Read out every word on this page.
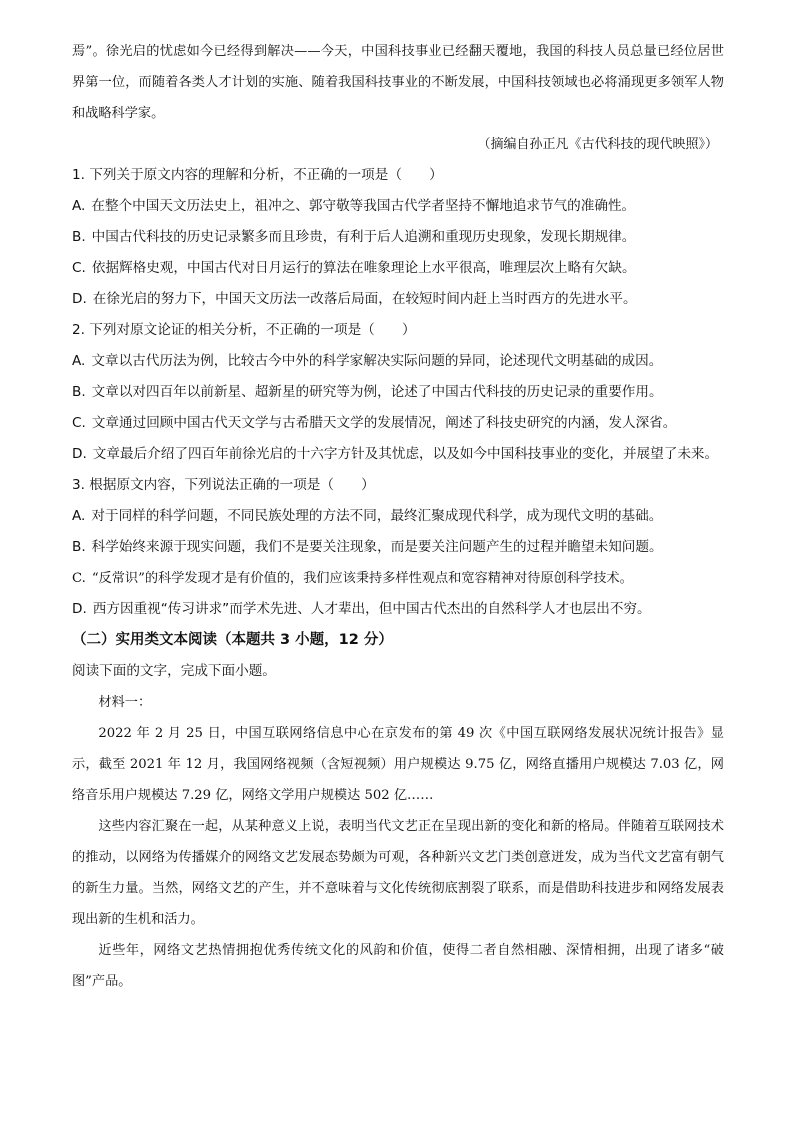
焉”。徐光启的忧虑如今已经得到解决——今天，中国科技事业已经翻天覆地，我国的科技人员总量已经位居世界第一位，而随着各类人才计划的实施、随着我国科技事业的不断发展，中国科技领域也必将涌现更多领军人物和战略科学家。

（摘编自孙正凡《古代科技的现代映照》）

1. 下列关于原文内容的理解和分析，不正确的一项是（　　）

A. 在整个中国天文历法史上，祖冲之、郭守敬等我国古代学者坚持不懈地追求节气的准确性。

B. 中国古代科技的历史记录繁多而且珍贵，有利于后人追溯和重现历史现象，发现长期规律。

C. 依据辉格史观，中国古代对日月运行的算法在唯象理论上水平很高，唯理层次上略有欠缺。

D. 在徐光启的努力下，中国天文历法一改落后局面，在较短时间内赶上当时西方的先进水平。

2. 下列对原文论证的相关分析，不正确的一项是（　　）

A. 文章以古代历法为例，比较古今中外的科学家解决实际问题的异同，论述现代文明基础的成因。

B. 文章以对四百年以前新星、超新星的研究等为例，论述了中国古代科技的历史记录的重要作用。

C. 文章通过回顾中国古代天文学与古希腊天文学的发展情况，阐述了科技史研究的内涵，发人深省。

D. 文章最后介绍了四百年前徐光启的十六字方针及其忧虑，以及如今中国科技事业的变化，并展望了未来。

3. 根据原文内容，下列说法正确的一项是（　　）

A. 对于同样的科学问题，不同民族处理的方法不同，最终汇聚成现代科学，成为现代文明的基础。

B. 科学始终来源于现实问题，我们不是要关注现象，而是要关注问题产生的过程并瞻望未知问题。

C. “反常识”的科学发现才是有价值的，我们应该秉持多样性观点和宽容精神对待原创科学技术。

D. 西方因重视“传习讲求”而学术先进、人才辈出，但中国古代杰出的自然科学人才也层出不穷。

（二）实用类文本阅读（本题共 3 小题，12 分）

阅读下面的文字，完成下面小题。

材料一：

2022 年 2 月 25 日，中国互联网络信息中心在京发布的第 49 次《中国互联网络发展状况统计报告》显示，截至 2021 年 12 月，我国网络视频（含短视频）用户规模达 9.75 亿，网络直播用户规模达 7.03 亿，网络音乐用户规模达 7.29 亿，网络文学用户规模达 502 亿……

这些内容汇聚在一起，从某种意义上说，表明当代文艺正在呈现出新的变化和新的格局。伴随着互联网技术的推动，以网络为传播媒介的网络文艺发展态势颇为可观，各种新兴文艺门类创意迸发，成为当代文艺富有朝气的新生力量。当然，网络文艺的产生，并不意味着与文化传统彻底割裂了联系，而是借助科技进步和网络发展表现出新的生机和活力。

近些年，网络文艺热情拥抱优秀传统文化的风韵和价值，使得二者自然相融、深情相拥，出现了诸多“破图”产品。
